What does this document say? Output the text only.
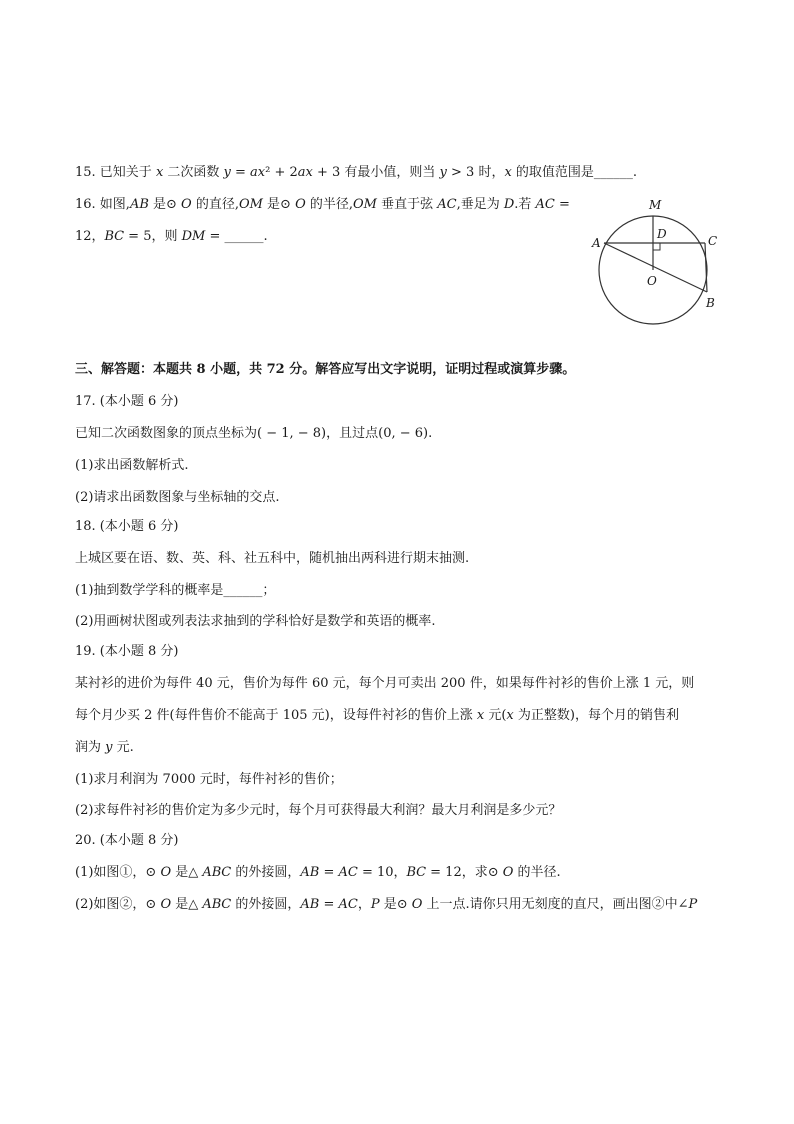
15. 已知关于 𝑥 二次函数 𝑦 = 𝑎𝑥² + 2𝑎𝑥 + 3 有最小值，则当 𝑦 > 3 时，𝑥 的取值范围是______.
16. 如图,𝐴𝐵 是⊙ 𝑂 的直径,𝑂𝑀 是⊙ 𝑂 的半径,𝑂𝑀 垂直于弦 𝐴𝐶,垂足为 𝐷.若 𝐴𝐶 =
12，𝐵𝐶 = 5，则 𝐷𝑀 = ______.
M
D
A	C
O
B
三、解答题：本题共 8 小题，共 72 分。解答应写出文字说明，证明过程或演算步骤。
17. (本小题 6 分)
已知二次函数图象的顶点坐标为( − 1, − 8)，且过点(0, − 6).
(1)求出函数解析式.
(2)请求出函数图象与坐标轴的交点.
18. (本小题 6 分)
上城区要在语、数、英、科、社五科中，随机抽出两科进行期末抽测.
(1)抽到数学学科的概率是______；
(2)用画树状图或列表法求抽到的学科恰好是数学和英语的概率.
19. (本小题 8 分)
某衬衫的进价为每件 40 元，售价为每件 60 元，每个月可卖出 200 件，如果每件衬衫的售价上涨 1 元，则
每个月少买 2 件(每件售价不能高于 105 元)，设每件衬衫的售价上涨 𝑥 元(𝑥 为正整数)，每个月的销售利
润为 𝑦 元.
(1)求月利润为 7000 元时，每件衬衫的售价；
(2)求每件衬衫的售价定为多少元时，每个月可获得最大利润？最大月利润是多少元？
20. (本小题 8 分)
(1)如图①，⊙ 𝑂 是△ 𝐴𝐵𝐶 的外接圆，𝐴𝐵 = 𝐴𝐶 = 10，𝐵𝐶 = 12，求⊙ 𝑂 的半径.
(2)如图②，⊙ 𝑂 是△ 𝐴𝐵𝐶 的外接圆，𝐴𝐵 = 𝐴𝐶，𝑃 是⊙ 𝑂 上一点.请你只用无刻度的直尺，画出图②中∠𝑃
